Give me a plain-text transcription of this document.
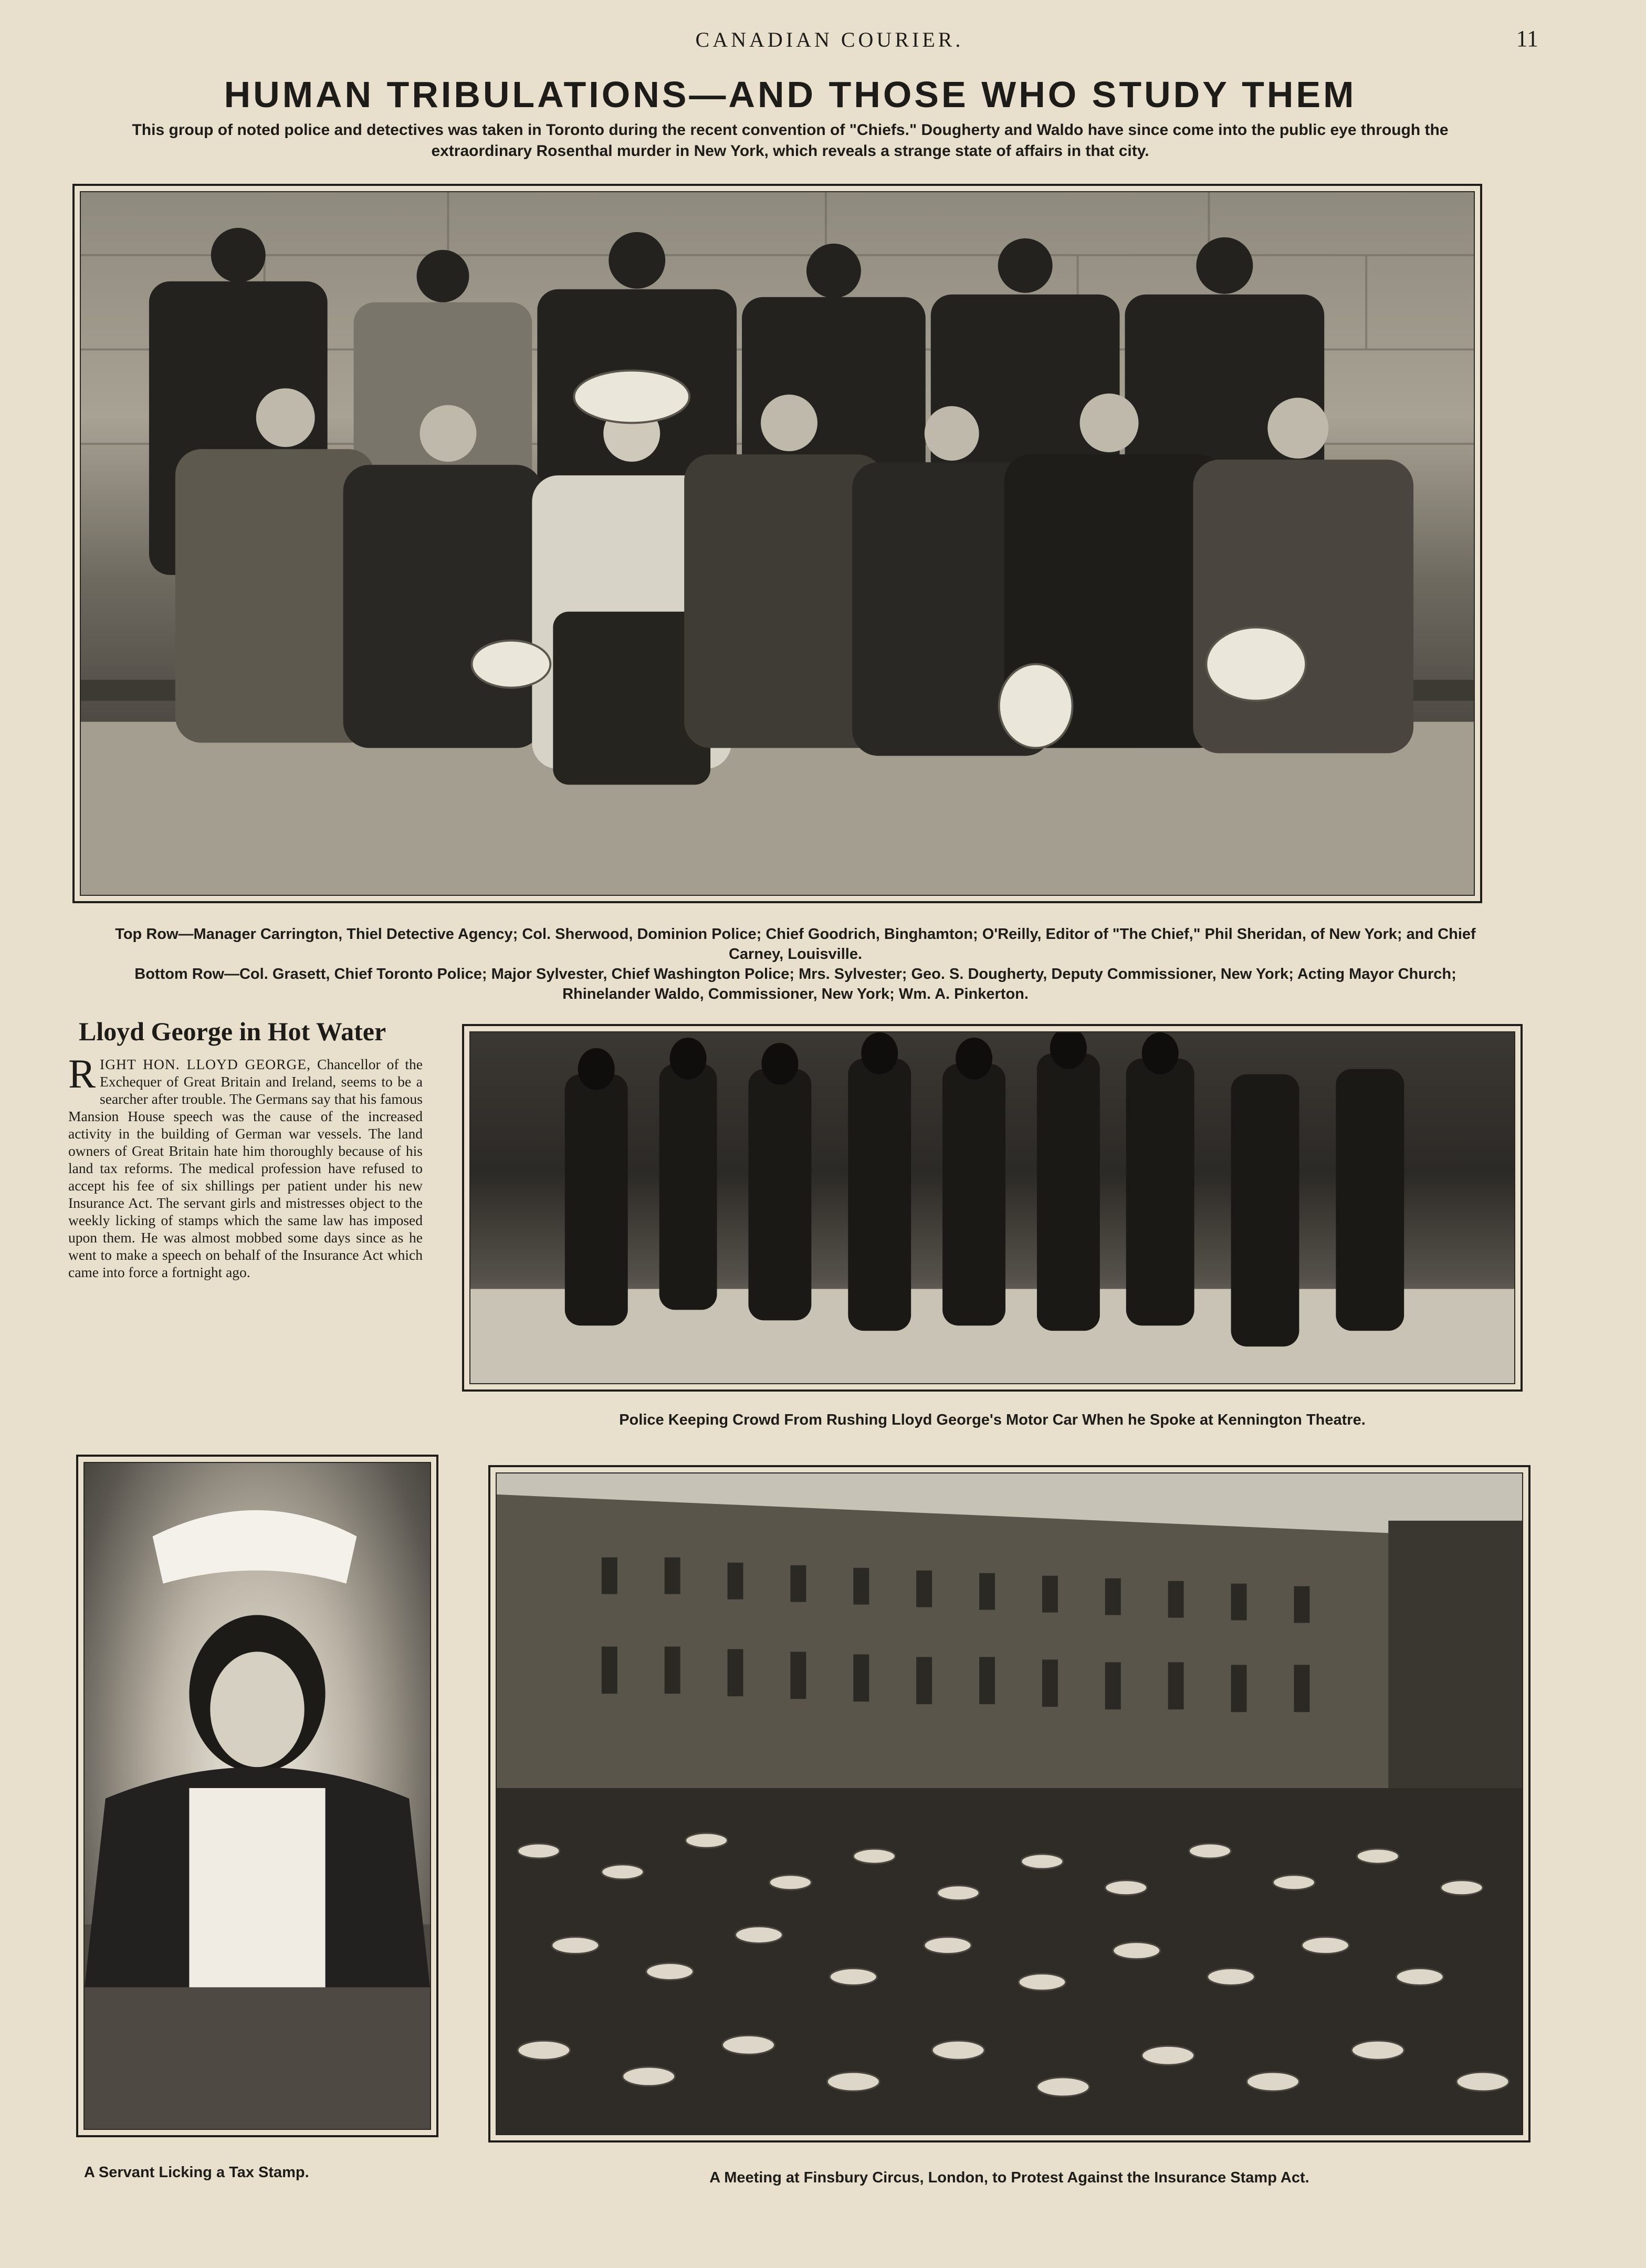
CANADIAN COURIER.	11
HUMAN TRIBULATIONS—AND THOSE WHO STUDY THEM
This group of noted police and detectives was taken in Toronto during the recent convention of "Chiefs." Dougherty and Waldo have since come into the public eye through the extraordinary Rosenthal murder in New York, which reveals a strange state of affairs in that city.
Top Row—Manager Carrington, Thiel Detective Agency; Col. Sherwood, Dominion Police; Chief Goodrich, Binghamton; O'Reilly, Editor of "The Chief," Phil Sheridan, of New York; and Chief Carney, Louisville.
Bottom Row—Col. Grasett, Chief Toronto Police; Major Sylvester, Chief Washington Police; Mrs. Sylvester; Geo. S. Dougherty, Deputy Commissioner, New York; Acting Mayor Church; Rhinelander Waldo, Commissioner, New York; Wm. A. Pinkerton.
Lloyd George in Hot Water
RIGHT HON. LLOYD GEORGE, Chancellor of the Exchequer of Great Britain and Ireland, seems to be a searcher after trouble. The Germans say that his famous Mansion House speech was the cause of the increased activity in the building of German war vessels. The land owners of Great Britain hate him thoroughly because of his land tax reforms. The medical profession have refused to accept his fee of six shillings per patient under his new Insurance Act. The servant girls and mistresses object to the weekly licking of stamps which the same law has imposed upon them. He was almost mobbed some days since as he went to make a speech on behalf of the Insurance Act which came into force a fortnight ago.
Police Keeping Crowd From Rushing Lloyd George's Motor Car When he Spoke at Kennington Theatre.
A Servant Licking a Tax Stamp.	A Meeting at Finsbury Circus, London, to Protest Against the Insurance Stamp Act.
